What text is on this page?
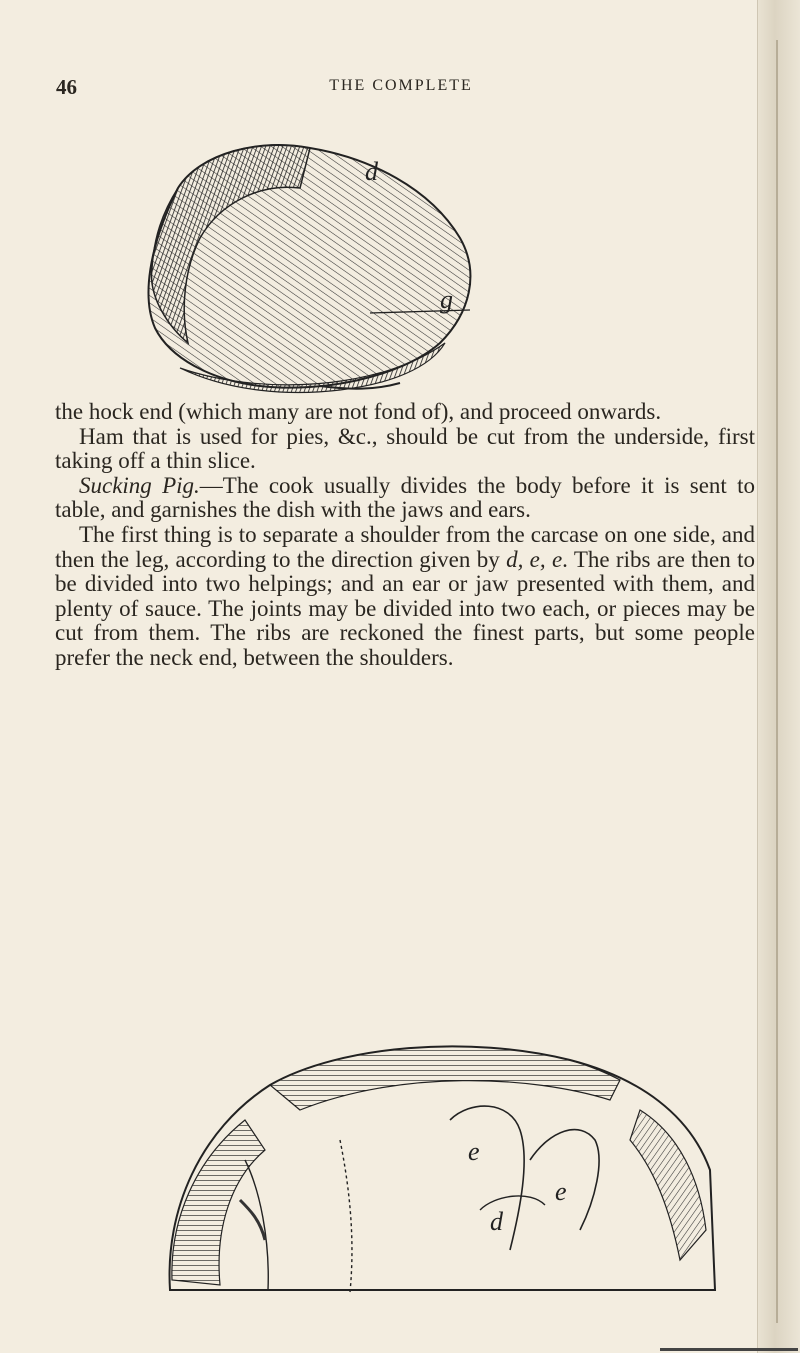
46	THE COMPLETE
d
g

the hock end (which many are not fond of), and proceed onwards.

Ham that is used for pies, &c., should be cut from the underside, first taking off a thin slice.

Sucking Pig.—The cook usually divides the body before it is sent to table, and garnishes the dish with the jaws and ears.

The first thing is to separate a shoulder from the carcase on one side, and then the leg, according to the direction given by d, e, e. The ribs are then to be divided into two helpings; and an ear or jaw presented with them, and plenty of sauce. The joints may be divided into two each, or pieces may be cut from them. The ribs are reckoned the finest parts, but some people prefer the neck end, between the shoulders.

e
d
e
